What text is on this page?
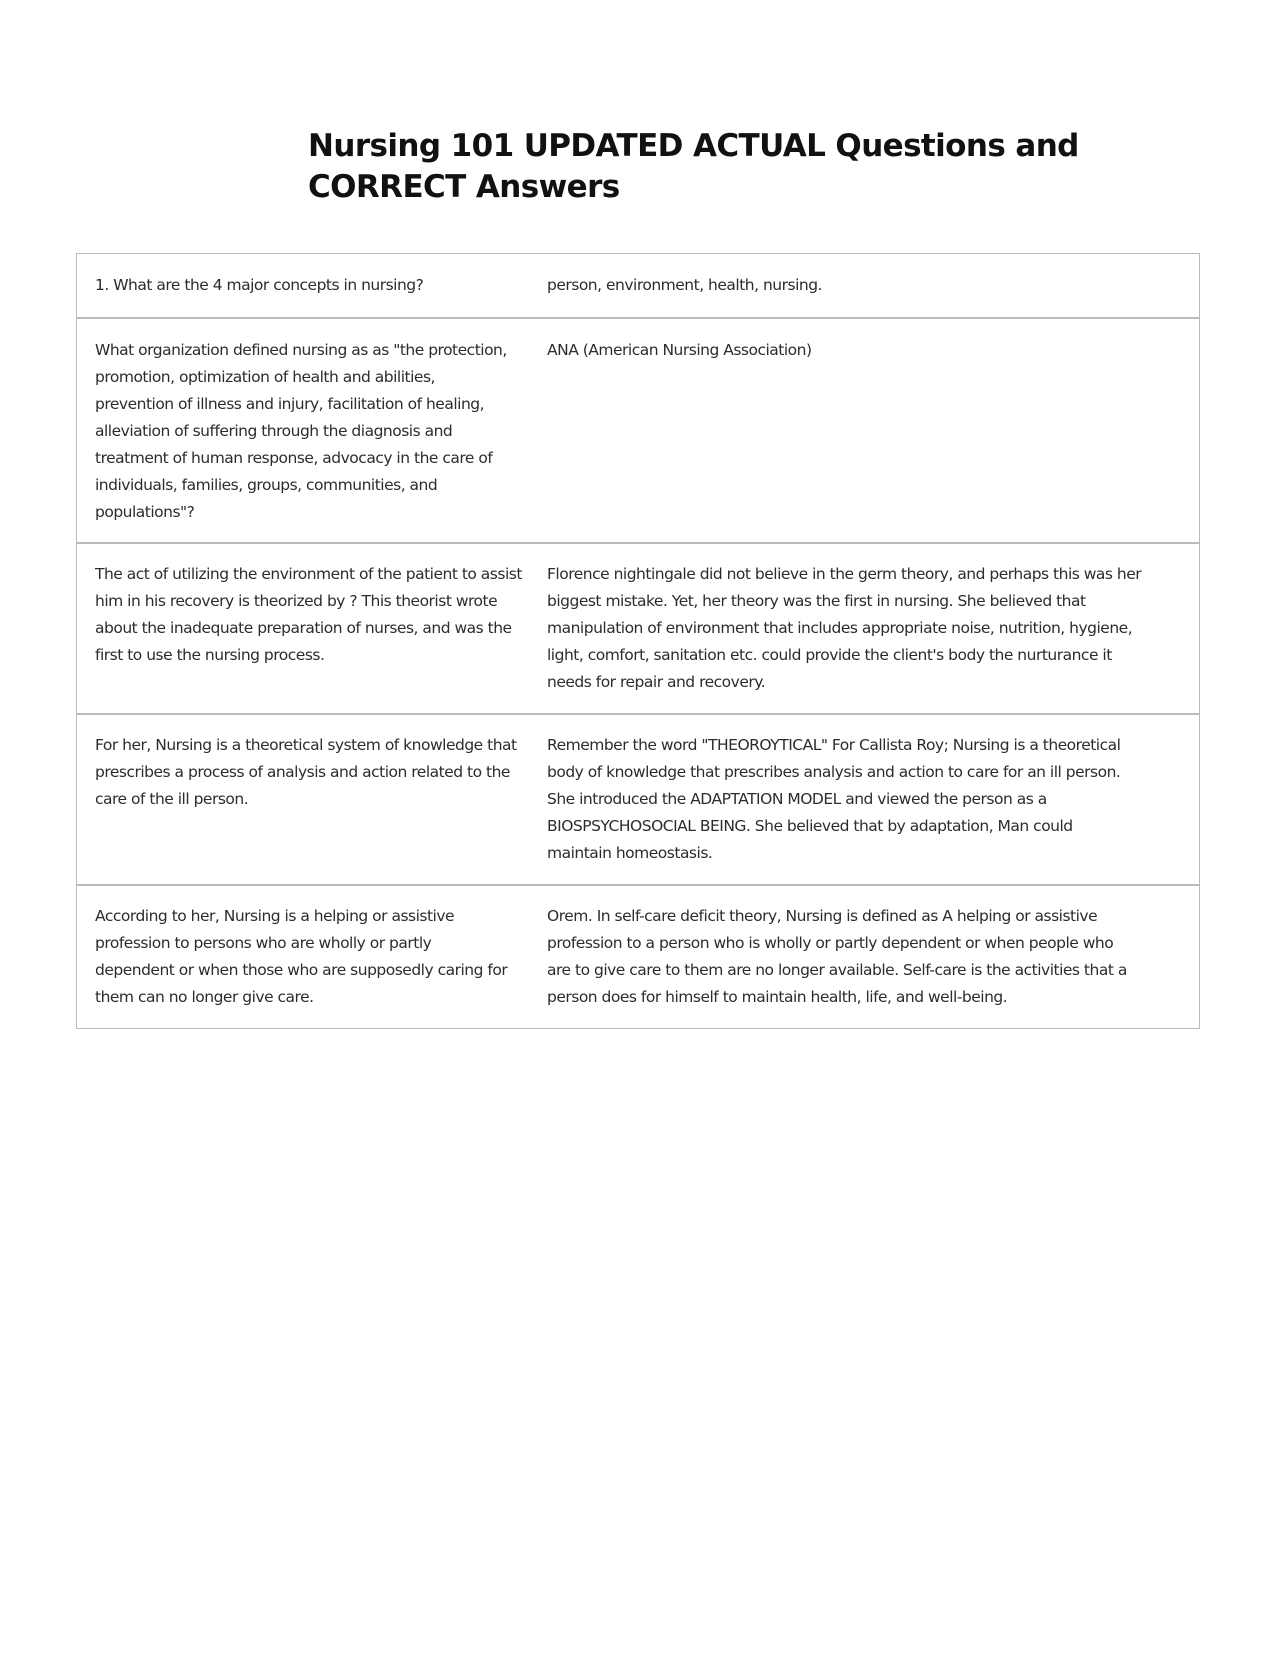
Nursing 101 UPDATED ACTUAL Questions and CORRECT Answers
1. What are the 4 major concepts in nursing?	person, environment, health, nursing.
What organization defined nursing as as "the protection,
promotion, optimization of health and abilities,
prevention of illness and injury, facilitation of healing,
alleviation of suffering through the diagnosis and
treatment of human response, advocacy in the care of
individuals, families, groups, communities, and
populations"?
ANA (American Nursing Association)
The act of utilizing the environment of the patient to assist
him in his recovery is theorized by ? This theorist wrote
about the inadequate preparation of nurses, and was the
first to use the nursing process.
Florence nightingale did not believe in the germ theory, and perhaps this was her
biggest mistake. Yet, her theory was the first in nursing. She believed that
manipulation of environment that includes appropriate noise, nutrition, hygiene,
light, comfort, sanitation etc. could provide the client's body the nurturance it
needs for repair and recovery.
For her, Nursing is a theoretical system of knowledge that
prescribes a process of analysis and action related to the
care of the ill person.
Remember the word "THEOROYTICAL" For Callista Roy; Nursing is a theoretical
body of knowledge that prescribes analysis and action to care for an ill person.
She introduced the ADAPTATION MODEL and viewed the person as a
BIOSPSYCHOSOCIAL BEING. She believed that by adaptation, Man could
maintain homeostasis.
According to her, Nursing is a helping or assistive
profession to persons who are wholly or partly
dependent or when those who are supposedly caring for
them can no longer give care.
Orem. In self-care deficit theory, Nursing is defined as A helping or assistive
profession to a person who is wholly or partly dependent or when people who
are to give care to them are no longer available. Self-care is the activities that a
person does for himself to maintain health, life, and well-being.
